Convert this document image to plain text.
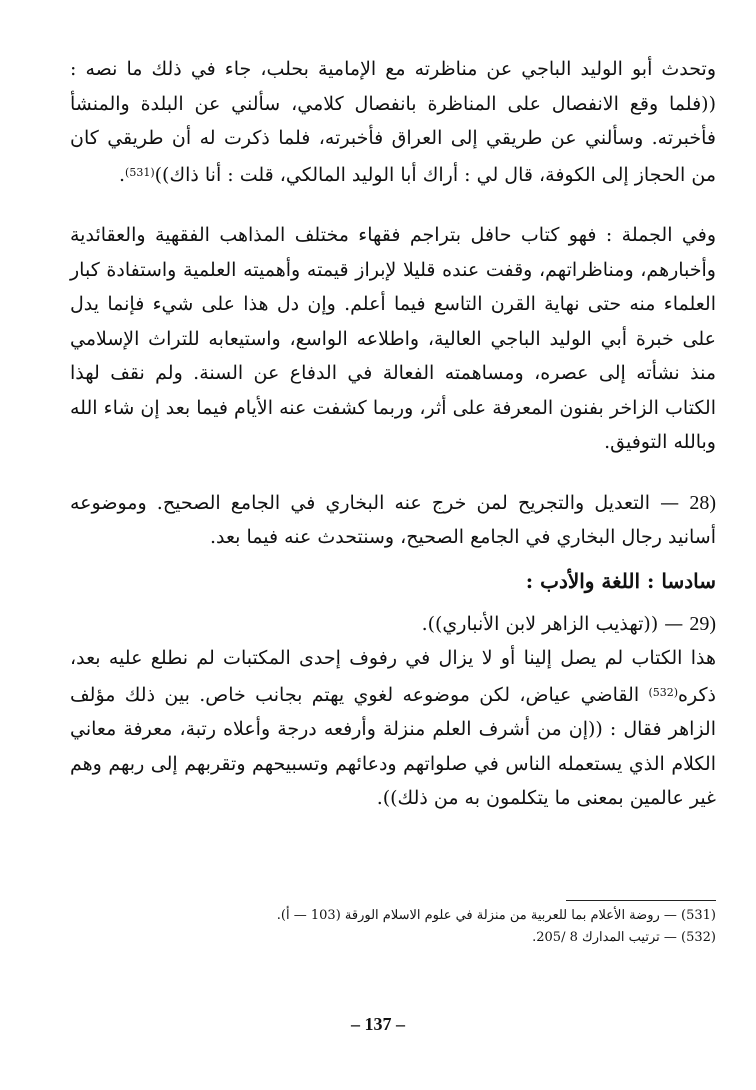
وتحدث أبو الوليد الباجي عن مناظرته مع الإمامية بحلب، جاء في ذلك ما نصه : ((فلما وقع الانفصال على المناظرة بانفصال كلامي، سألني عن البلدة والمنشأ فأخبرته. وسألني عن طريقي إلى العراق فأخبرته، فلما ذكرت له أن طريقي كان من الحجاز إلى الكوفة، قال لي : أراك أبا الوليد المالكي، قلت : أنا ذاك))$^{(531)}$.

وفي الجملة : فهو كتاب حافل بتراجم فقهاء مختلف المذاهب الفقهية والعقائدية وأخبارهم، ومناظراتهم، وقفت عنده قليلا لإبراز قيمته وأهميته العلمية واستفادة كبار العلماء منه حتى نهاية القرن التاسع فيما أعلم. وإن دل هذا على شيء فإنما يدل على خبرة أبي الوليد الباجي العالية، واطلاعه الواسع، واستيعابه للتراث الإسلامي منذ نشأته إلى عصره، ومساهمته الفعالة في الدفاع عن السنة. ولم نقف لهذا الكتاب الزاخر بفنون المعرفة على أثر، وربما كشفت عنه الأيام فيما بعد إن شاء الله وبالله التوفيق.

28) — التعديل والتجريح لمن خرج عنه البخاري في الجامع الصحيح. وموضوعه أسانيد رجال البخاري في الجامع الصحيح، وسنتحدث عنه فيما بعد.

سادسا : اللغة والأدب :

29) — ((تهذيب الزاهر لابن الأنباري)).

هذا الكتاب لم يصل إلينا أو لا يزال في رفوف إحدى المكتبات لم نطلع عليه بعد، ذكره$^{(532)}$ القاضي عياض، لكن موضوعه لغوي يهتم بجانب خاص. بين ذلك مؤلف الزاهر فقال : ((إن من أشرف العلم منزلة وأرفعه درجة وأعلاه رتبة، معرفة معاني الكلام الذي يستعمله الناس في صلواتهم ودعائهم وتسبيحهم وتقربهم إلى ربهم وهم غير عالمين بمعنى ما يتكلمون به من ذلك)).

(531) — روضة الأعلام بما للعربية من منزلة في علوم الاسلام الورقة (103 — أ).

(532) — ترتيب المدارك 8 /205.

– 137 –
